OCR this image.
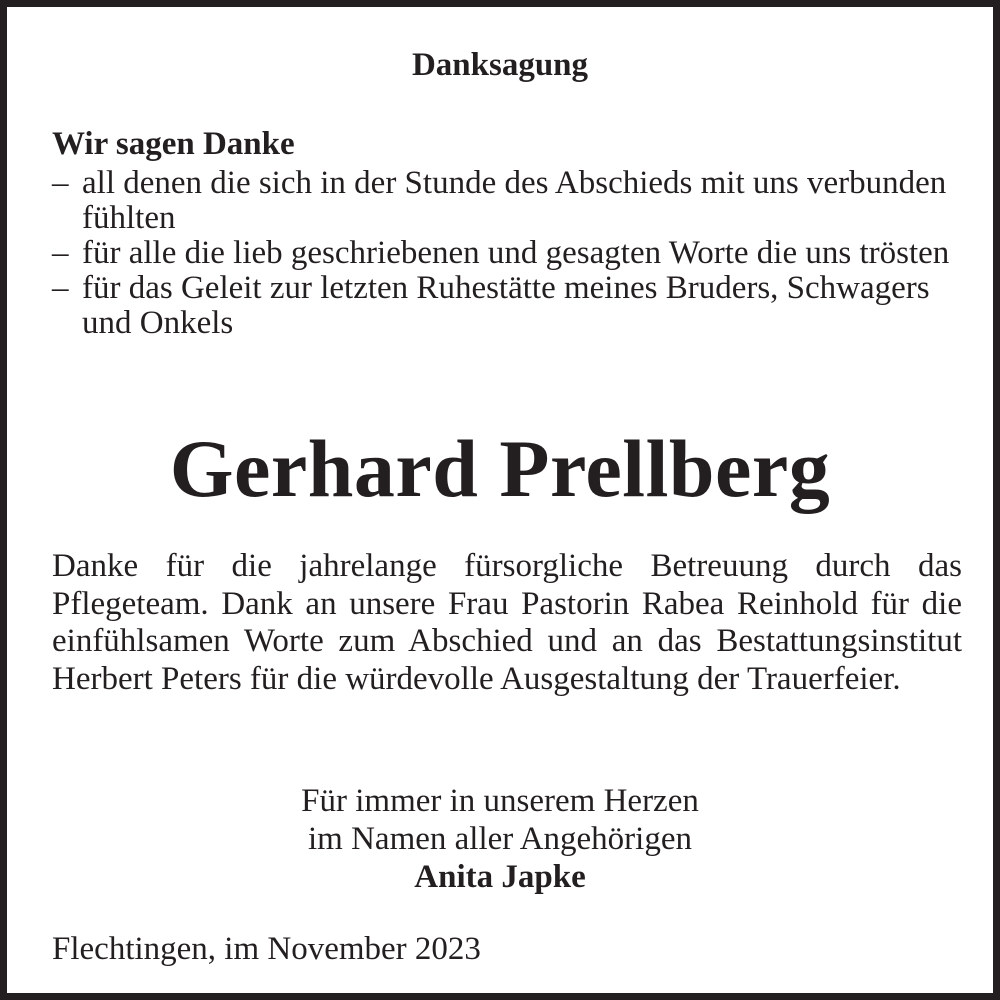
Danksagung
Wir sagen Danke
– all denen die sich in der Stunde des Abschieds mit uns verbunden fühlten
– für alle die lieb geschriebenen und gesagten Worte die uns trösten
– für das Geleit zur letzten Ruhestätte meines Bruders, Schwagers und Onkels
Gerhard Prellberg
Danke für die jahrelange fürsorgliche Betreuung durch das Pflegeteam. Dank an unsere Frau Pastorin Rabea Reinhold für die einfühlsamen Worte zum Abschied und an das Bestattungsinstitut Herbert Peters für die würdevolle Ausgestaltung der Trauerfeier.
Für immer in unserem Herzen
im Namen aller Angehörigen
Anita Japke
Flechtingen, im November 2023
